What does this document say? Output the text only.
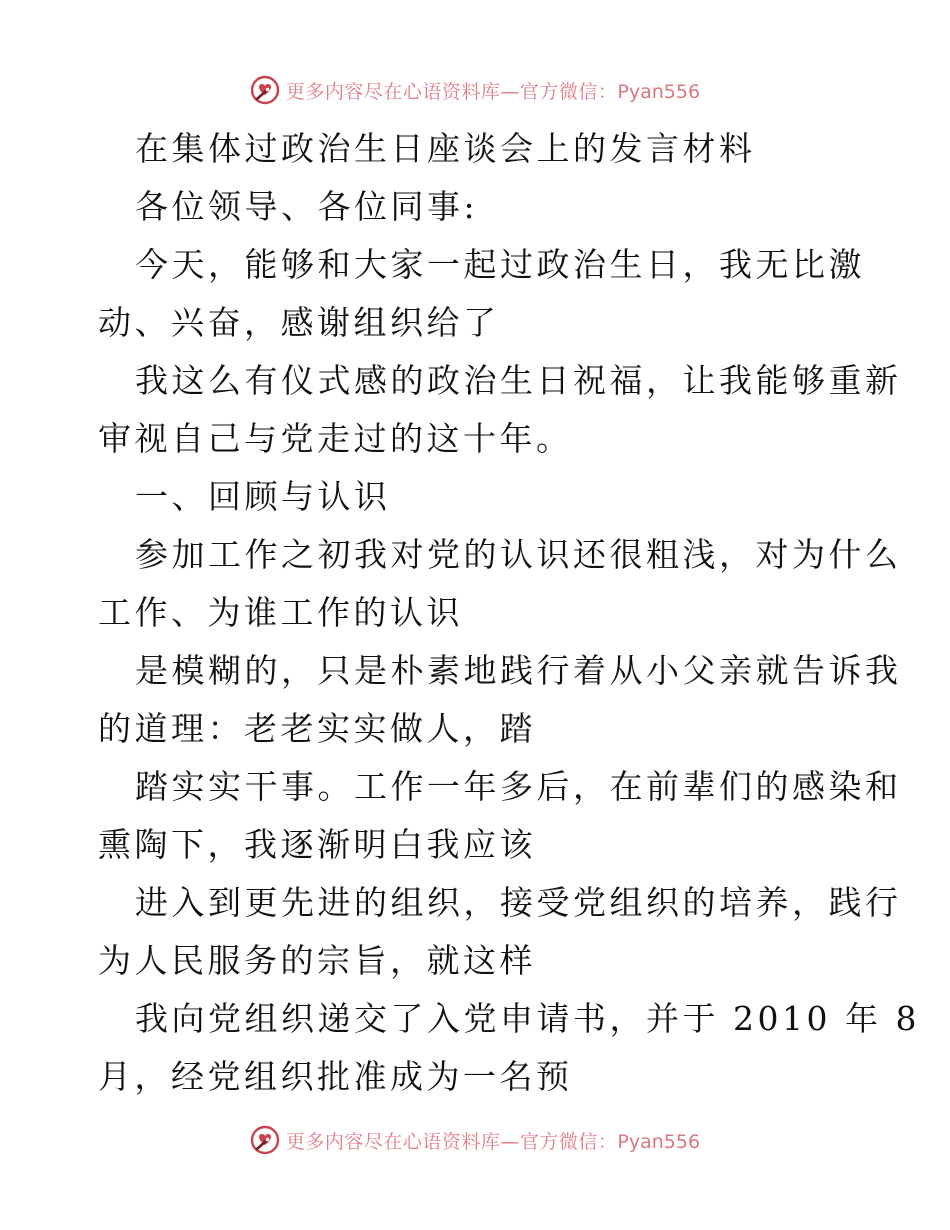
更多内容尽在心语资料库—官方微信：Pyan556
在集体过政治生日座谈会上的发言材料
各位领导、各位同事:
今天，能够和大家一起过政治生日，我无比激
动、兴奋，感谢组织给了
我这么有仪式感的政治生日祝福，让我能够重新
审视自己与党走过的这十年。
一、回顾与认识
参加工作之初我对党的认识还很粗浅，对为什么
工作、为谁工作的认识
是模糊的，只是朴素地践行着从小父亲就告诉我
的道理：老老实实做人，踏
踏实实干事。工作一年多后，在前辈们的感染和
熏陶下，我逐渐明白我应该
进入到更先进的组织，接受党组织的培养，践行
为人民服务的宗旨，就这样
我向党组织递交了入党申请书，并于 2010 年 8
月，经党组织批准成为一名预
更多内容尽在心语资料库—官方微信：Pyan556
